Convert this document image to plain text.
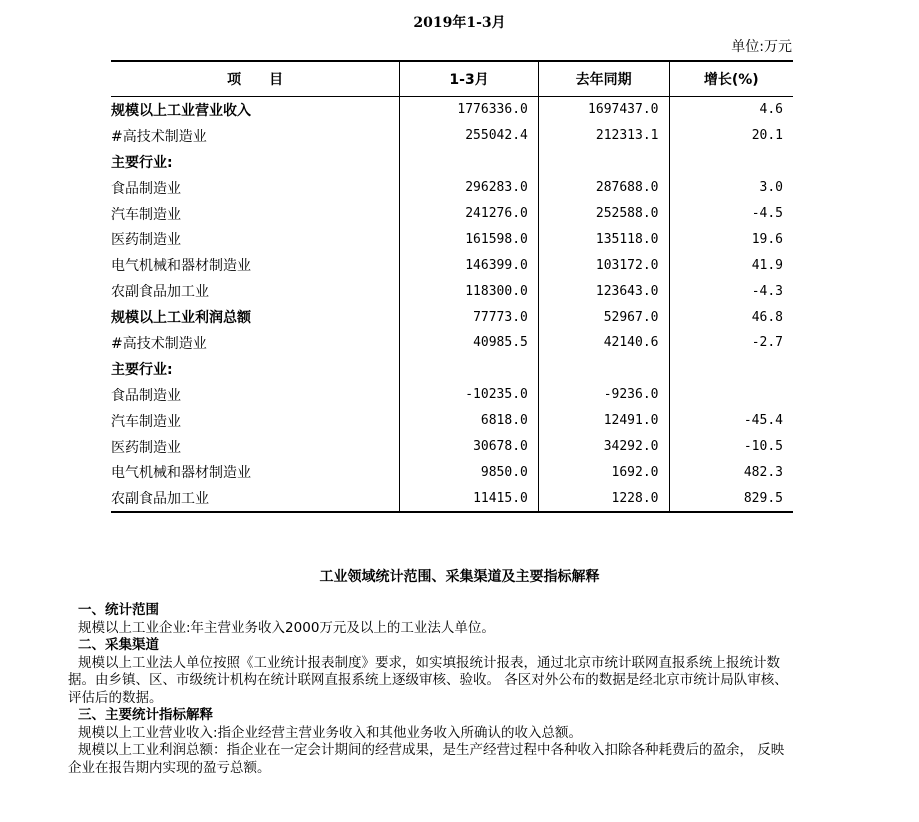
2019年1-3月
单位:万元
项　　目	1-3月	去年同期	增长(%)
规模以上工业营业收入	1776336.0	1697437.0	4.6
#高技术制造业	255042.4	212313.1	20.1
主要行业:			
食品制造业	296283.0	287688.0	3.0
汽车制造业	241276.0	252588.0	-4.5
医药制造业	161598.0	135118.0	19.6
电气机械和器材制造业	146399.0	103172.0	41.9
农副食品加工业	118300.0	123643.0	-4.3
规模以上工业利润总额	77773.0	52967.0	46.8
#高技术制造业	40985.5	42140.6	-2.7
主要行业:			
食品制造业	-10235.0	-9236.0	
汽车制造业	6818.0	12491.0	-45.4
医药制造业	30678.0	34292.0	-10.5
电气机械和器材制造业	9850.0	1692.0	482.3
农副食品加工业	11415.0	1228.0	829.5
工业领域统计范围、采集渠道及主要指标解释
一、统计范围
规模以上工业企业:年主营业务收入2000万元及以上的工业法人单位。
二、采集渠道
规模以上工业法人单位按照《工业统计报表制度》要求，如实填报统计报表，通过北京市统计联网直报系统上报统计数
据。由乡镇、区、市级统计机构在统计联网直报系统上逐级审核、验收。 各区对外公布的数据是经北京市统计局队审核、
评估后的数据。
三、主要统计指标解释
规模以上工业营业收入:指企业经营主营业务收入和其他业务收入所确认的收入总额。
规模以上工业利润总额：指企业在一定会计期间的经营成果，是生产经营过程中各种收入扣除各种耗费后的盈余， 反映
企业在报告期内实现的盈亏总额。
